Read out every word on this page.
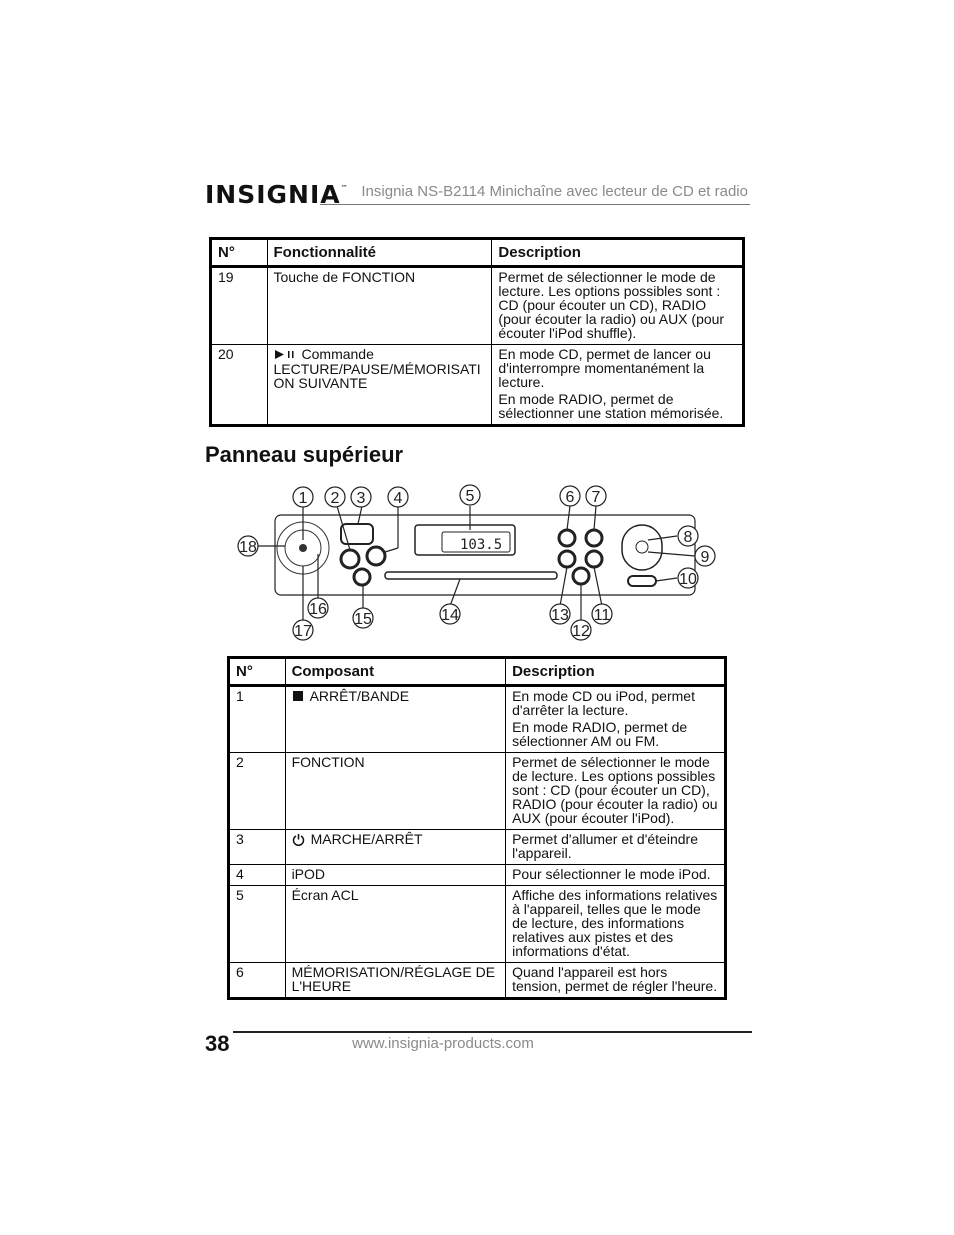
INSIGNIA™ Insignia NS-B2114 Minichaîne avec lecteur de CD et radio
N°	Fonctionnalité	Description
19	Touche de FONCTION	Permet de sélectionner le mode de lecture. Les options possibles sont : CD (pour écouter un CD), RADIO (pour écouter la radio) ou AUX (pour écouter l'iPod shuffle).

20	Commande LECTURE/PAUSE/MÉMORISATI ON SUIVANTE	En mode CD, permet de lancer ou d'interrompre momentanément la lecture.

En mode RADIO, permet de sélectionner une station mémorisée.

Panneau supérieur
103.5
1 2 3 4	5	6 7
8
9
10
11
12
13
14
15
16
17
18
N°	Composant	Description
1	ARRÊT/BANDE	En mode CD ou iPod, permet d'arrêter la lecture.

En mode RADIO, permet de sélectionner AM ou FM.

2	FONCTION	Permet de sélectionner le mode de lecture. Les options possibles sont : CD (pour écouter un CD), RADIO (pour écouter la radio) ou AUX (pour écouter l'iPod).

3	MARCHE/ARRÊT	Permet d'allumer et d'éteindre l'appareil.

4	iPOD	Pour sélectionner le mode iPod.

5	Écran ACL	Affiche des informations relatives à l'appareil, telles que le mode de lecture, des informations relatives aux pistes et des informations d'état.

6	MÉMORISATION/RÉGLAGE DE L'HEURE	Quand l'appareil est hors tension, permet de régler l'heure.

38	www.insignia-products.com
